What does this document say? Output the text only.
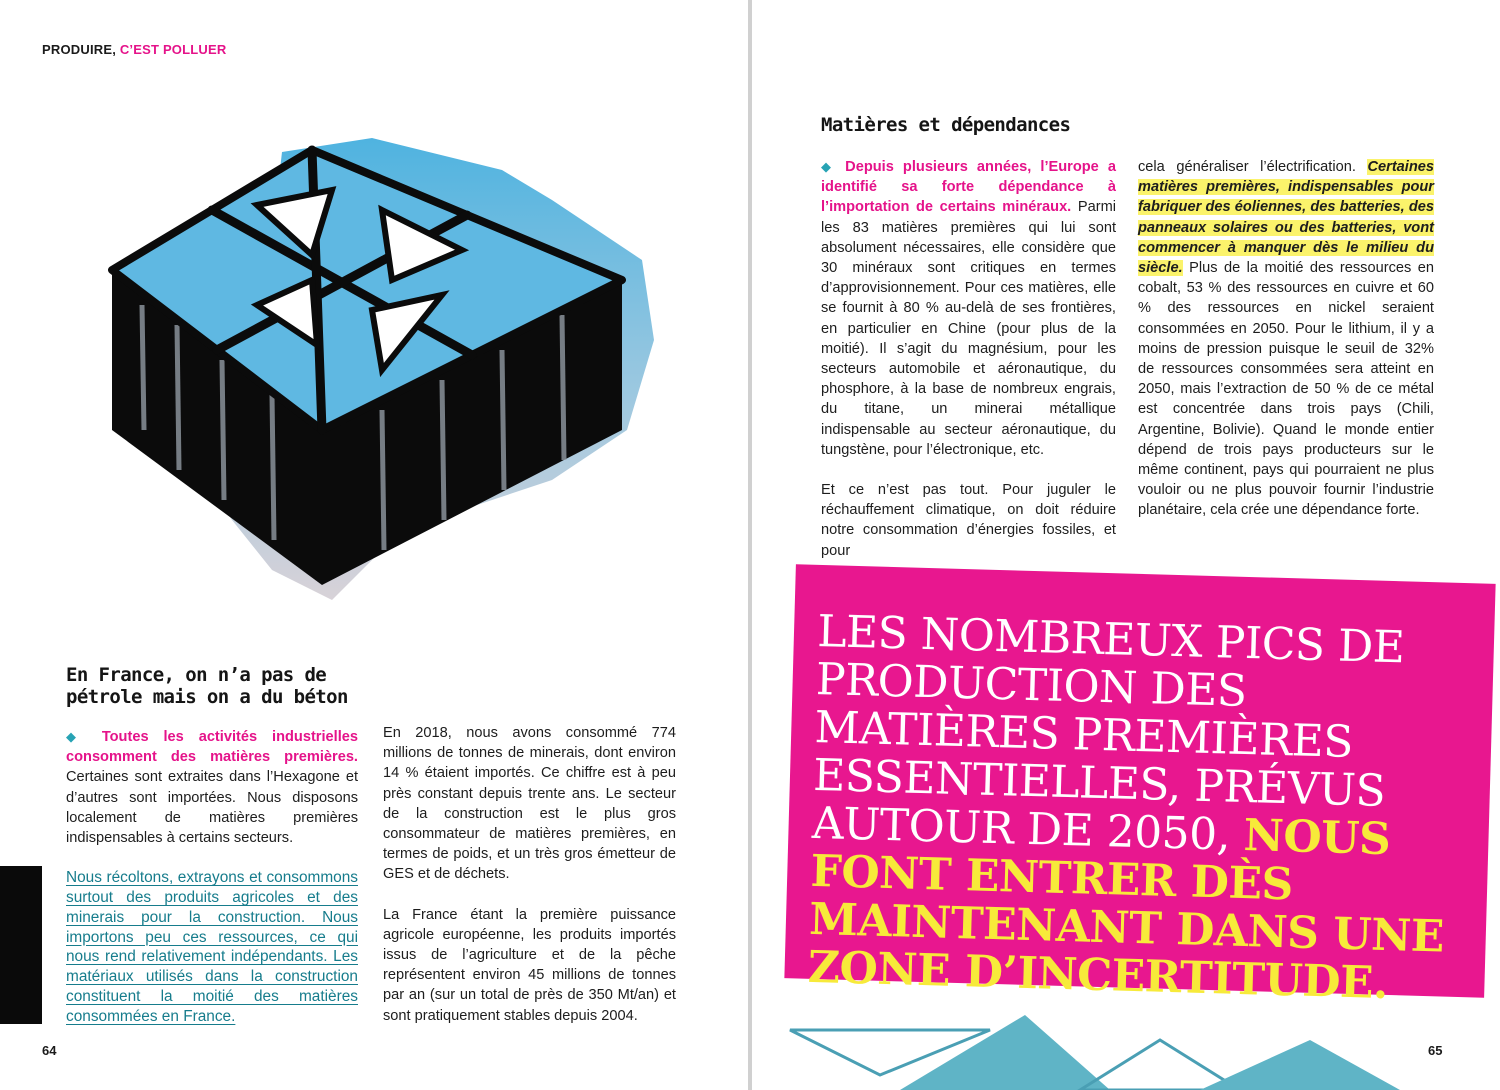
PRODUIRE, C’EST POLLUER
En France, on n’a pas de
pétrole mais on a du béton

◆ Toutes les activités industrielles consomment des matières premières. Certaines sont extraites dans l’Hexagone et d’autres sont importées. Nous disposons localement de matières premières indispensables à certains secteurs.

Nous récoltons, extrayons et consommons surtout des produits agricoles et des minerais pour la construction. Nous importons peu ces ressources, ce qui nous rend relativement indépendants. Les matériaux utilisés dans la construction constituent la moitié des matières consommées en France.

En 2018, nous avons consommé 774 millions de tonnes de minerais, dont environ 14 % étaient importés. Ce chiffre est à peu près constant depuis trente ans. Le secteur de la construction est le plus gros consommateur de matières premières, en termes de poids, et un très gros émetteur de GES et de déchets.

La France étant la première puissance agricole européenne, les produits importés issus de l’agriculture et de la pêche représentent environ 45 millions de tonnes par an (sur un total de près de 350 Mt/an) et sont pratiquement stables depuis 2004.

64
Matières et dépendances

◆ Depuis plusieurs années, l’Europe a identifié sa forte dépendance à l’importation de certains minéraux. Parmi les 83 matières premières qui lui sont absolument nécessaires, elle considère que 30 minéraux sont critiques en termes d’approvisionnement. Pour ces matières, elle se fournit à 80 % au-delà de ses frontières, en particulier en Chine (pour plus de la moitié). Il s’agit du magnésium, pour les secteurs automobile et aéronautique, du phosphore, à la base de nombreux engrais, du titane, un minerai métallique indispensable au secteur aéronautique, du tungstène, pour l’électronique, etc.

Et ce n’est pas tout. Pour juguler le réchauffement climatique, on doit réduire notre consommation d’énergies fossiles, et pour

cela généraliser l’électrification. Certaines matières premières, indispensables pour fabriquer des éoliennes, des batteries, des panneaux solaires ou des batteries, vont commencer à manquer dès le milieu du siècle. Plus de la moitié des ressources en cobalt, 53 % des ressources en cuivre et 60 % des ressources en nickel seraient consommées en 2050. Pour le lithium, il y a moins de pression puisque le seuil de 32% de ressources consommées sera atteint en 2050, mais l’extraction de 50 % de ce métal est concentrée dans trois pays (Chili, Argentine, Bolivie). Quand le monde entier dépend de trois pays producteurs sur le même continent, pays qui pourraient ne plus vouloir ou ne plus pouvoir fournir l’industrie planétaire, cela crée une dépendance forte.

65
LES NOMBREUX PICS DE PRODUCTION DES MATIÈRES PREMIÈRES ESSENTIELLES, PRÉVUS AUTOUR DE 2050, NOUS FONT ENTRER DÈS MAINTENANT DANS UNE ZONE D’INCERTITUDE.
